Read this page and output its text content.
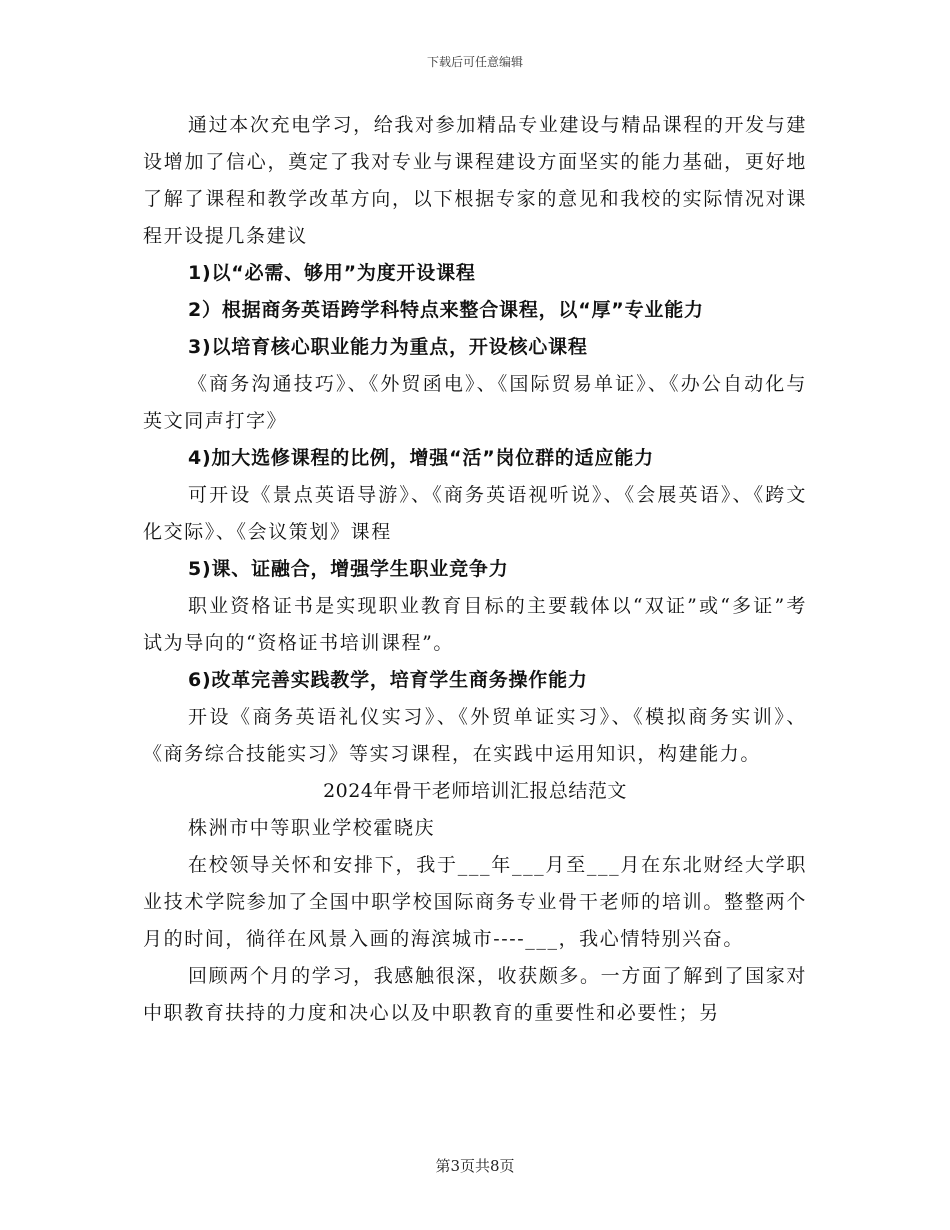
下载后可任意编辑

通过本次充电学习，给我对参加精品专业建设与精品课程的开发与建设增加了信心，奠定了我对专业与课程建设方面坚实的能力基础，更好地了解了课程和教学改革方向，以下根据专家的意见和我校的实际情况对课程开设提几条建议

1)以“必需、够用”为度开设课程

2）根据商务英语跨学科特点来整合课程，以“厚”专业能力

3)以培育核心职业能力为重点，开设核心课程

《商务沟通技巧》、《外贸函电》、《国际贸易单证》、《办公自动化与英文同声打字》

4)加大选修课程的比例，增强“活”岗位群的适应能力

可开设《景点英语导游》、《商务英语视听说》、《会展英语》、《跨文化交际》、《会议策划》课程

5)课、证融合，增强学生职业竞争力

职业资格证书是实现职业教育目标的主要载体以“双证”或“多证”考试为导向的“资格证书培训课程”。

6)改革完善实践教学，培育学生商务操作能力

开设《商务英语礼仪实习》、《外贸单证实习》、《模拟商务实训》、《商务综合技能实习》等实习课程，在实践中运用知识，构建能力。

2024年骨干老师培训汇报总结范文

株洲市中等职业学校霍晓庆

在校领导关怀和安排下，我于___年___月至___月在东北财经大学职业技术学院参加了全国中职学校国际商务专业骨干老师的培训。整整两个月的时间，徜徉在风景入画的海滨城市----___，我心情特别兴奋。

回顾两个月的学习，我感触很深，收获颇多。一方面了解到了国家对中职教育扶持的力度和决心以及中职教育的重要性和必要性；另

第3页共8页
